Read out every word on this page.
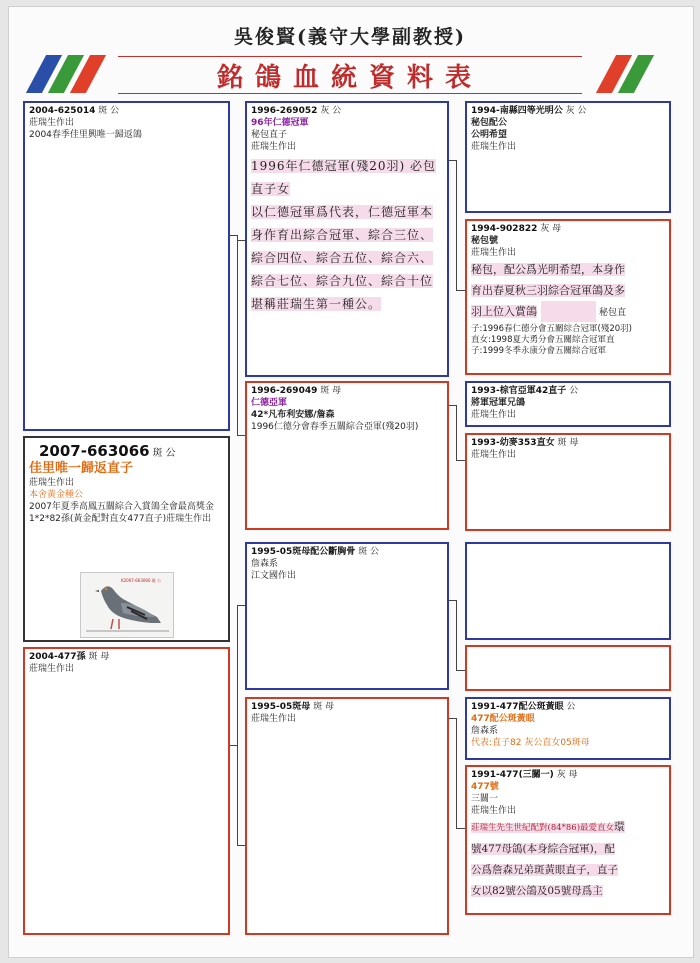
吳俊賢(義守大學副教授)
銘鴿血統資料表
2004-625014 斑 公
莊瑞生作出
2004春季佳里興唯一歸返鴿
2007-663066 斑 公
佳里唯一歸返直子
莊瑞生作出
本舍黃金種公
2007年夏季高鳳五關綜合入賞鴿全會最高獎金
1*2*82孫(黃金配對直女477直子)莊瑞生作出
K2007-663066 斑 公
2004-477孫 斑 母
莊瑞生作出
1996-269052 灰 公
96年仁德冠軍
秘包直子
莊瑞生作出
1996年仁德冠軍(殘20羽) 必包直子女
以仁德冠軍爲代表，仁德冠軍本
身作育出綜合冠軍、綜合三位、
綜合四位、綜合五位、綜合六、
綜合七位、綜合九位、綜合十位
堪稱莊瑞生第一種公。
1996-269049 斑 母
仁德亞軍
42*凡布利安娜/詹森
1996仁德分會春季五關綜合亞軍(殘20羽)
1995-05斑母配公斷胸骨 斑 公
詹森系
江文國作出
1995-05斑母 斑 母
莊瑞生作出
1994-南縣四等光明公 灰 公
秘包配公
公明希望
莊瑞生作出
1994-902822 灰 母
秘包號
莊瑞生作出
秘包，配公爲光明希望，本身作
育出春夏秋三羽綜合冠軍鴿及多
羽上位入賞鴿	秘包直
子:1996春仁德分會五關綜合冠軍(殘20羽)
直女:1998夏大勇分會五關綜合冠軍直
子:1999冬季永康分會五關綜合冠軍
1993-棕官亞軍42直子 公
將軍冠軍兄鴿
莊瑞生作出
1993-幼麥353直女 斑 母
莊瑞生作出
1991-477配公斑黃眼 公
477配公斑黃眼
詹森系
代表:直子82 灰公直女05斑母
1991-477(三關一) 灰 母
477號
三關一
莊瑞生作出
莊瑞生先生世紀配對(84*86)最愛直女環
號477母鴿(本身綜合冠軍)，配
公爲詹森兄弟斑黃眼直子，直子
女以82號公鴿及05號母爲主
